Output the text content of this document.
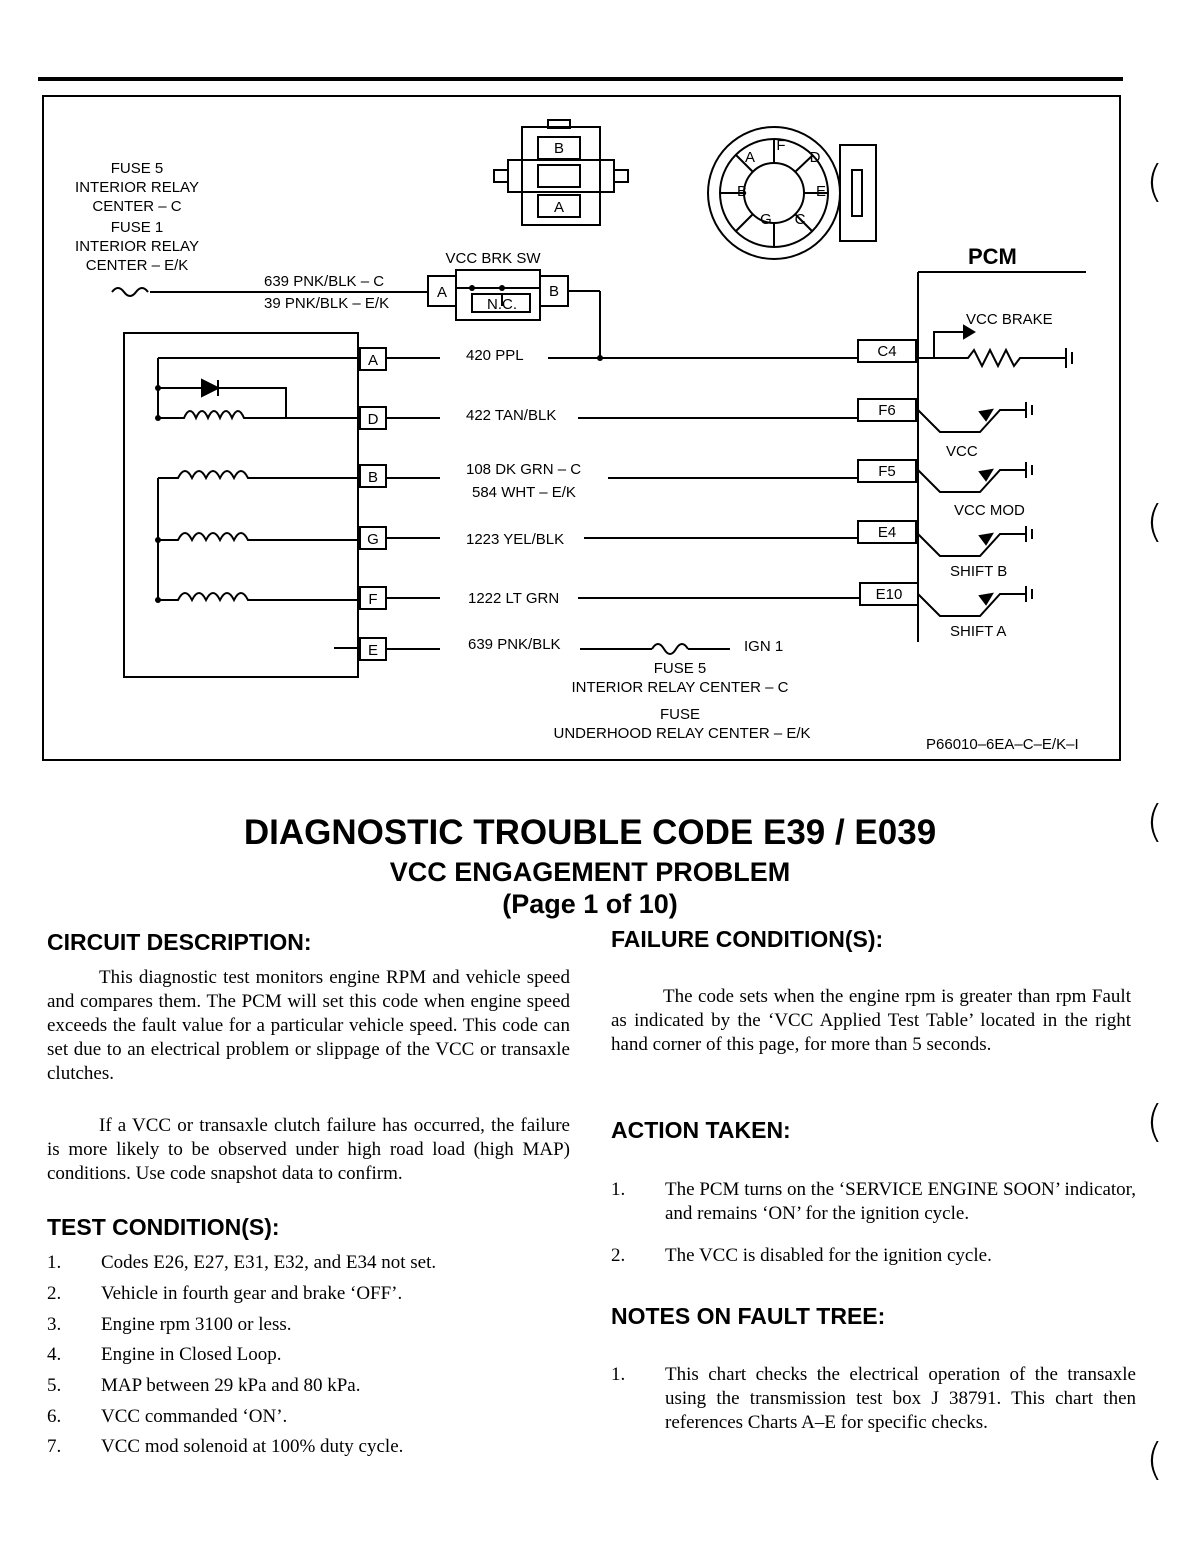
B
A
A
F
D
E
C
G
B
FUSE 5
INTERIOR RELAY
CENTER – C
FUSE 1
INTERIOR RELAY
CENTER – E/K	VCC BRK SW
A	B
N.C.
639 PNK/BLK – C
39 PNK/BLK – E/K
PCM
VCC BRAKE
A
D
B
G
F
E
420 PPL
422 TAN/BLK
108 DK GRN – C
584 WHT – E/K
1223 YEL/BLK
1222 LT GRN
639 PNK/BLK
C4
F6
F5
E4
E10
VCC
VCC MOD
SHIFT B
SHIFT A
IGN 1
FUSE 5
INTERIOR RELAY CENTER – C
FUSE
UNDERHOOD RELAY CENTER – E/K
P66010–6EA–C–E/K–I
(
(
(
(
(
DIAGNOSTIC TROUBLE CODE E39 / E039
VCC ENGAGEMENT PROBLEM
(Page 1 of 10)
CIRCUIT DESCRIPTION:
This diagnostic test monitors engine RPM and vehicle speed and compares them. The PCM will set this code when engine speed exceeds the fault value for a particular vehicle speed. This code can set due to an electrical problem or slippage of the VCC or transaxle clutches.
If a VCC or transaxle clutch failure has occurred, the failure is more likely to be observed under high road load (high MAP) conditions. Use code snapshot data to confirm.
TEST CONDITION(S):
1. Codes E26, E27, E31, E32, and E34 not set.
2. Vehicle in fourth gear and brake ‘OFF’.
3. Engine rpm 3100 or less.
4. Engine in Closed Loop.
5. MAP between 29 kPa and 80 kPa.
6. VCC commanded ‘ON’.
7. VCC mod solenoid at 100% duty cycle.
FAILURE CONDITION(S):
The code sets when the engine rpm is greater than rpm Fault as indicated by the ‘VCC Applied Test Table’ located in the right hand corner of this page, for more than 5 seconds.
ACTION TAKEN:
1. The PCM turns on the ‘SERVICE ENGINE SOON’ indicator, and remains ‘ON’ for the ignition cycle.
2. The VCC is disabled for the ignition cycle.
NOTES ON FAULT TREE:
1. This chart checks the electrical operation of the transaxle using the transmission test box J 38791. This chart then references Charts A–E for specific checks.
